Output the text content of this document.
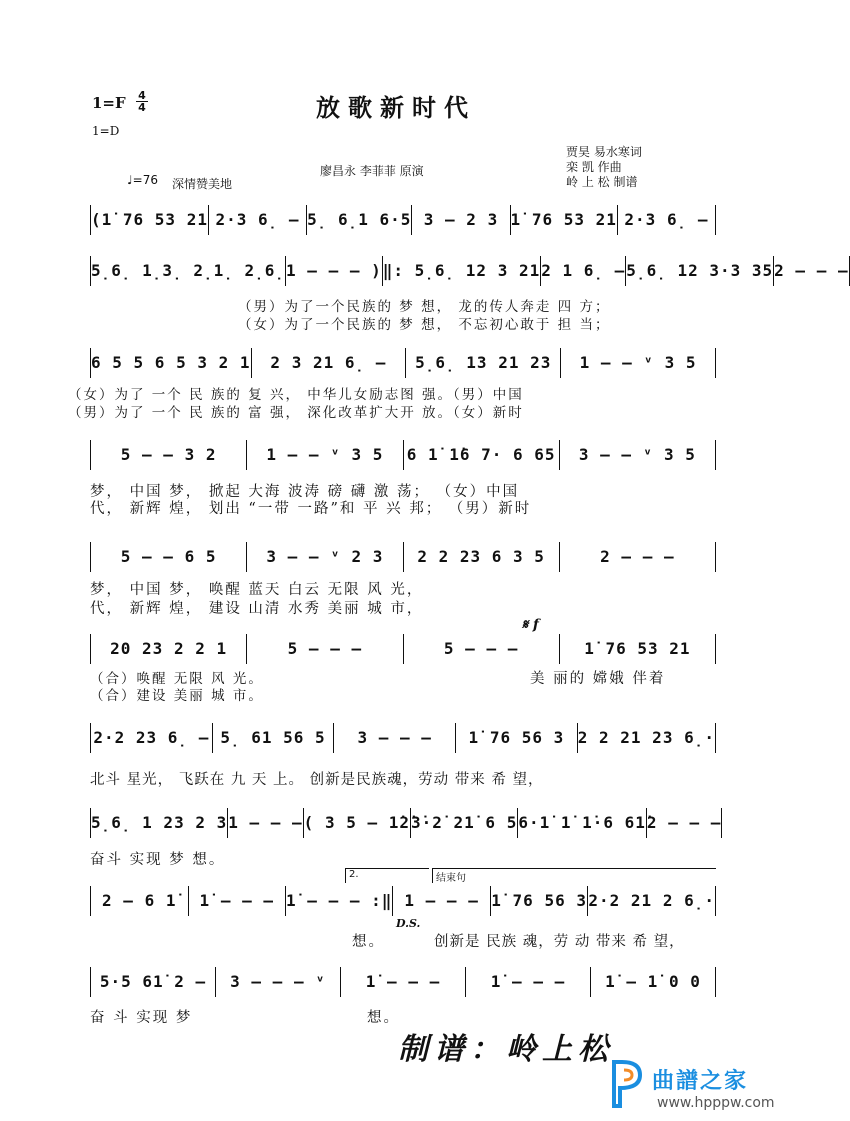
1=F 4
4
1=D
放歌新时代
贾昊 易水寒词
栾 凯 作曲
岭 上 松 制谱
廖昌永 李菲菲 原演
♩=76 深情赞美地
(1̇ 76 53 21 2·3 6̣ – 5̣ 6̣1 6·5 3 – 2 3 1̇ 76 53 21 2·3 6̣ –
5̣6̣ 1̣3̣ 2̣1̣ 2̣6̣ 1 – – – ) ‖: 5̣6̣ 12 3 21 2 1 6̣ – 5̣6̣ 12 3·3 35 2 – – –
（男）为了一个民族的 梦 想， 龙的传人奔走 四 方；
（女）为了一个民族的 梦 想， 不忘初心敢于 担 当；
6 5 5 6 5 3 2 1	2 3 21 6̣ –	5̣6̣ 13 21 23	1 – – ᵛ 3 5
（女）为了 一个 民 族的 复 兴， 中华儿女励志图 强。（男）中国
（男）为了 一个 民 族的 富 强， 深化改革扩大开 放。（女）新时
5 – – 3 2	1 – – ᵛ 3 5	6 1̇ 1̇6 7· 6 65	3 – – ᵛ 3 5
梦， 中国 梦， 掀起 大海 波涛 磅 礴 激 荡； （女）中国
代， 新辉 煌， 划出 “一带 一路”和 平 兴 邦； （男）新时
5 – – 6 5	3 – – ᵛ 2 3	2 2 23 6 3 5	2 – – –
梦， 中国 梦， 唤醒 蓝天 白云 无限 风 光，
代， 新辉 煌， 建设 山清 水秀 美丽 城 市，
𝄋 f
20 23 2 2 1	5 – – –	5 – – –	1̇ 76 53 21
（合）唤醒 无限 风 光。
（合）建设 美丽 城 市。
美 丽的 嫦娥 伴着
2·2 23 6̣ – 5̣ 61 56 5	3 – – –	1̇ 76 56 3 2 2 21 23 6̣·
北斗 星光， 飞跃在 九 天 上。 创新是民族魂，劳动 带来 希 望，
5̣6̣ 1 23 2 3 1 – – – ( 3 5 – 1̇2̇ 3̇·2̇ 21̇ 6 5 6·1̇ 1̇ 1̇·6 61̇ 2 – – –
奋斗 实现 梦 想。
2.	结束句
2 – 6 1̇	1̇ – – – 1̇ – – – :‖ 1 – – – 1̇ 76 56 3 2·2 21 2 6̣·
D.S.
想。	创新是 民族 魂，劳 动 带来 希 望，
5·5 61̇ 2 –	3 – – – ᵛ	1̇ – – –	1̇ – – –	1̇ – 1̇ 0 0
奋 斗 实现 梦	想。
制谱：岭上松
曲譜之家
www.hpppw.com
